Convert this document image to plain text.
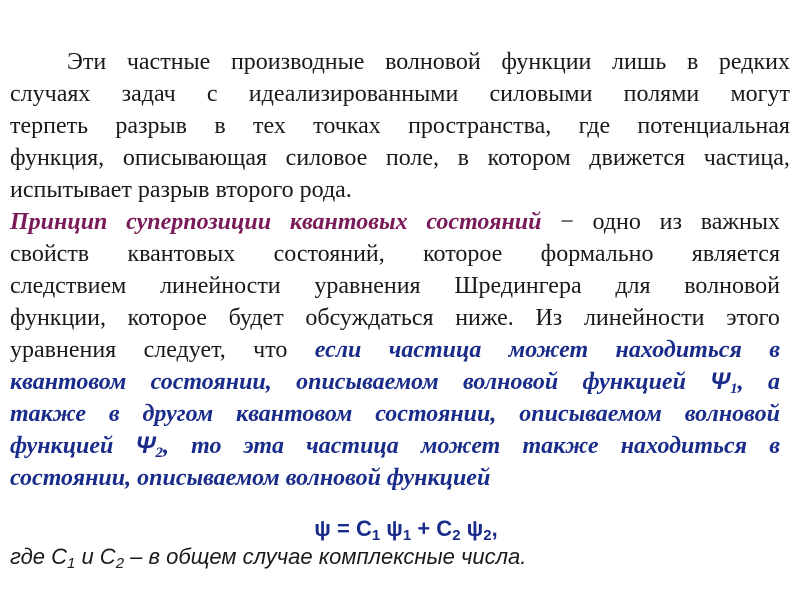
Эти частные производные волновой функции лишь в редких
случаях задач с идеализированными силовыми полями могут
терпеть разрыв в тех точках пространства, где потенциальная
функция, описывающая силовое поле, в котором движется частица,
испытывает разрыв второго рода.
Принцип суперпозиции квантовых состояний − одно из важных
свойств квантовых состояний, которое формально является
следствием линейности уравнения Шредингера для волновой
функции, которое будет обсуждаться ниже. Из линейности этого
уравнения следует, что если частица может находиться в
квантовом состоянии, описываемом волновой функцией $\Psi_1$, а
также в другом квантовом состоянии, описываемом волновой
функцией $\Psi_2$, то эта частица может также находиться в
состоянии, описываемом волновой функцией
$\psi = C_1$ $\psi_1 + C_2$ $\psi_2$,
где $C_1$ и $C_2$ – в общем случае комплексные числа.
